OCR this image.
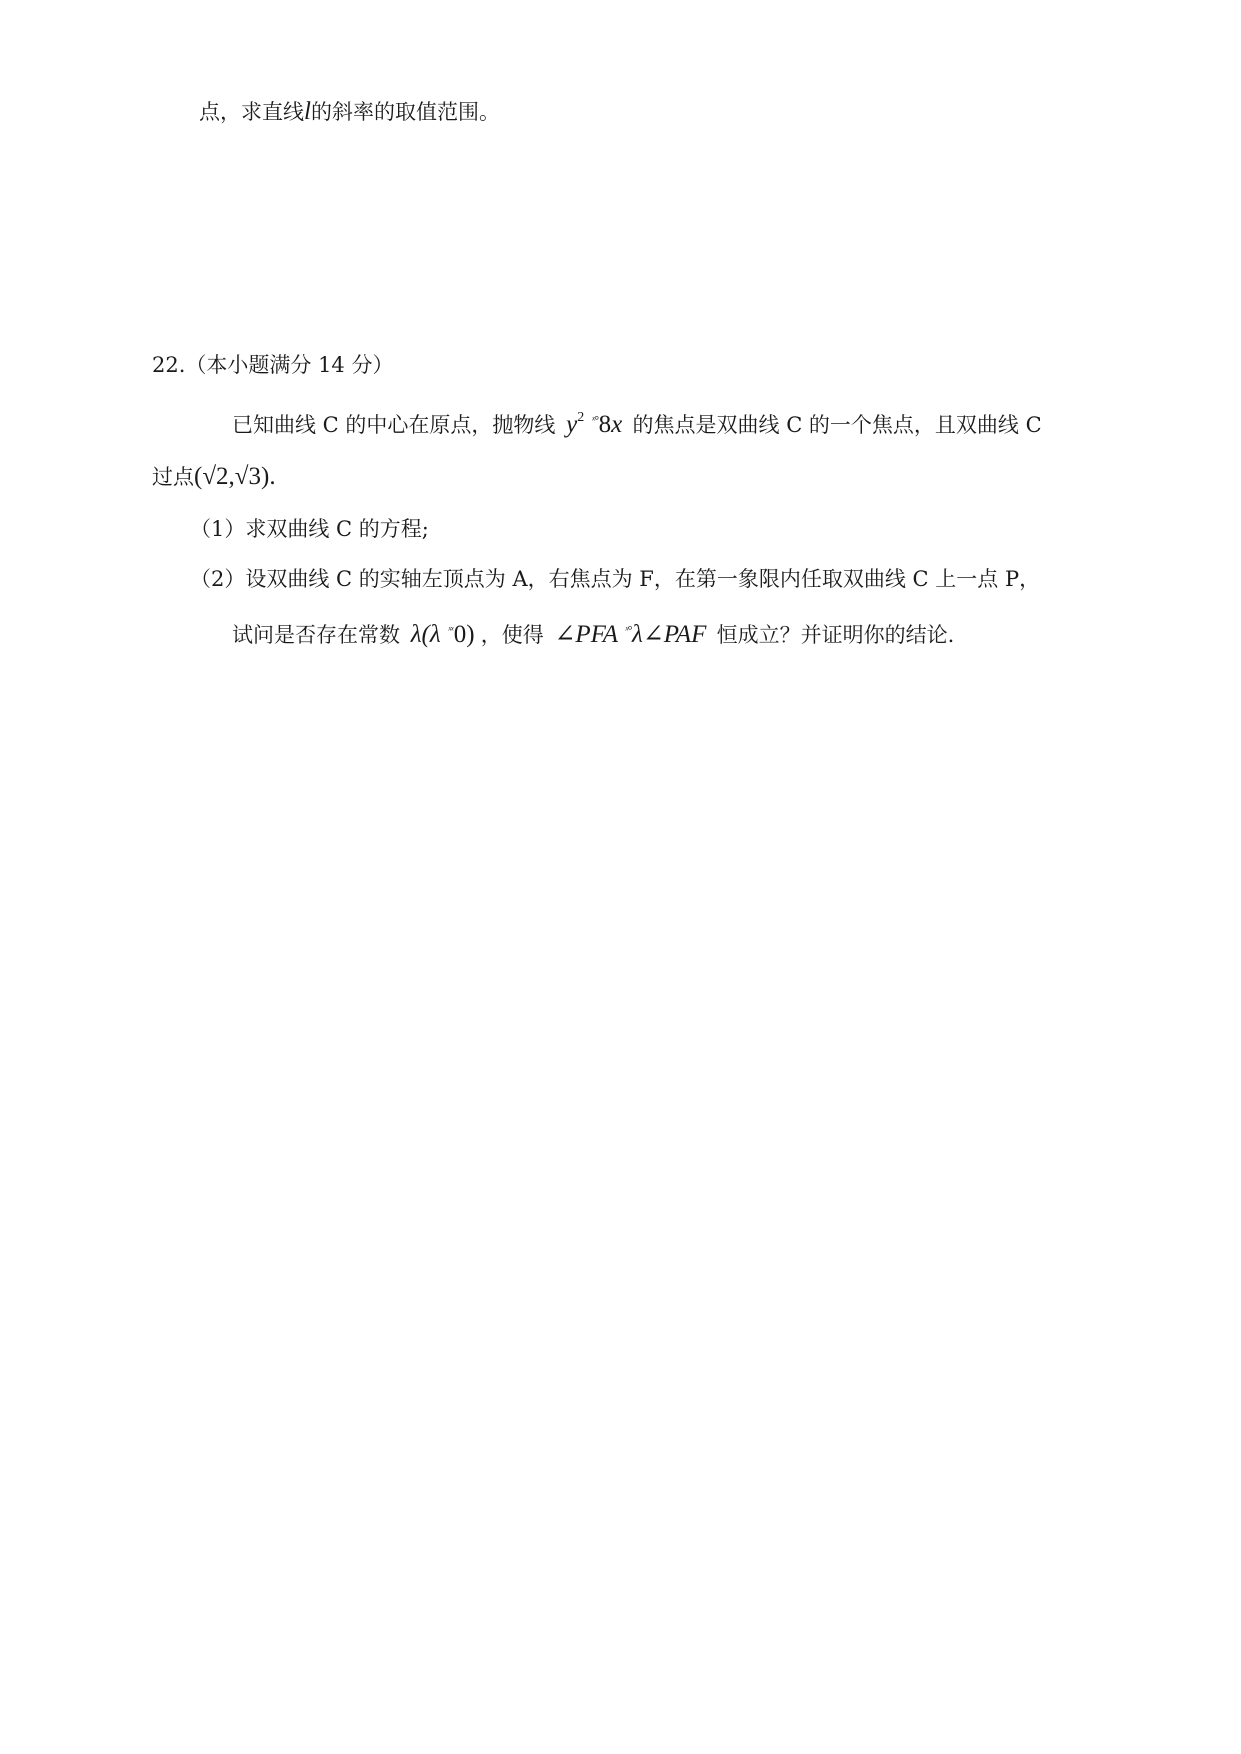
点，求直线l的斜率的取值范围。
22.（本小题满分 14 分）
已知曲线 C 的中心在原点，抛物线 $y^2$ $^{ˣ^\circ}$8x 的焦点是双曲线 C 的一个焦点，且双曲线 C
过点(√2,√3).
（1）求双曲线 C 的方程;
（2）设双曲线 C 的实轴左顶点为 A，右焦点为 F，在第一象限内任取双曲线 C 上一点 P，
试问是否存在常数 λ(λ $^{ˣˣ}$0) ，使得 ∠PFA $^{ˣ^\circ}$λ∠PAF 恒成立？并证明你的结论.
